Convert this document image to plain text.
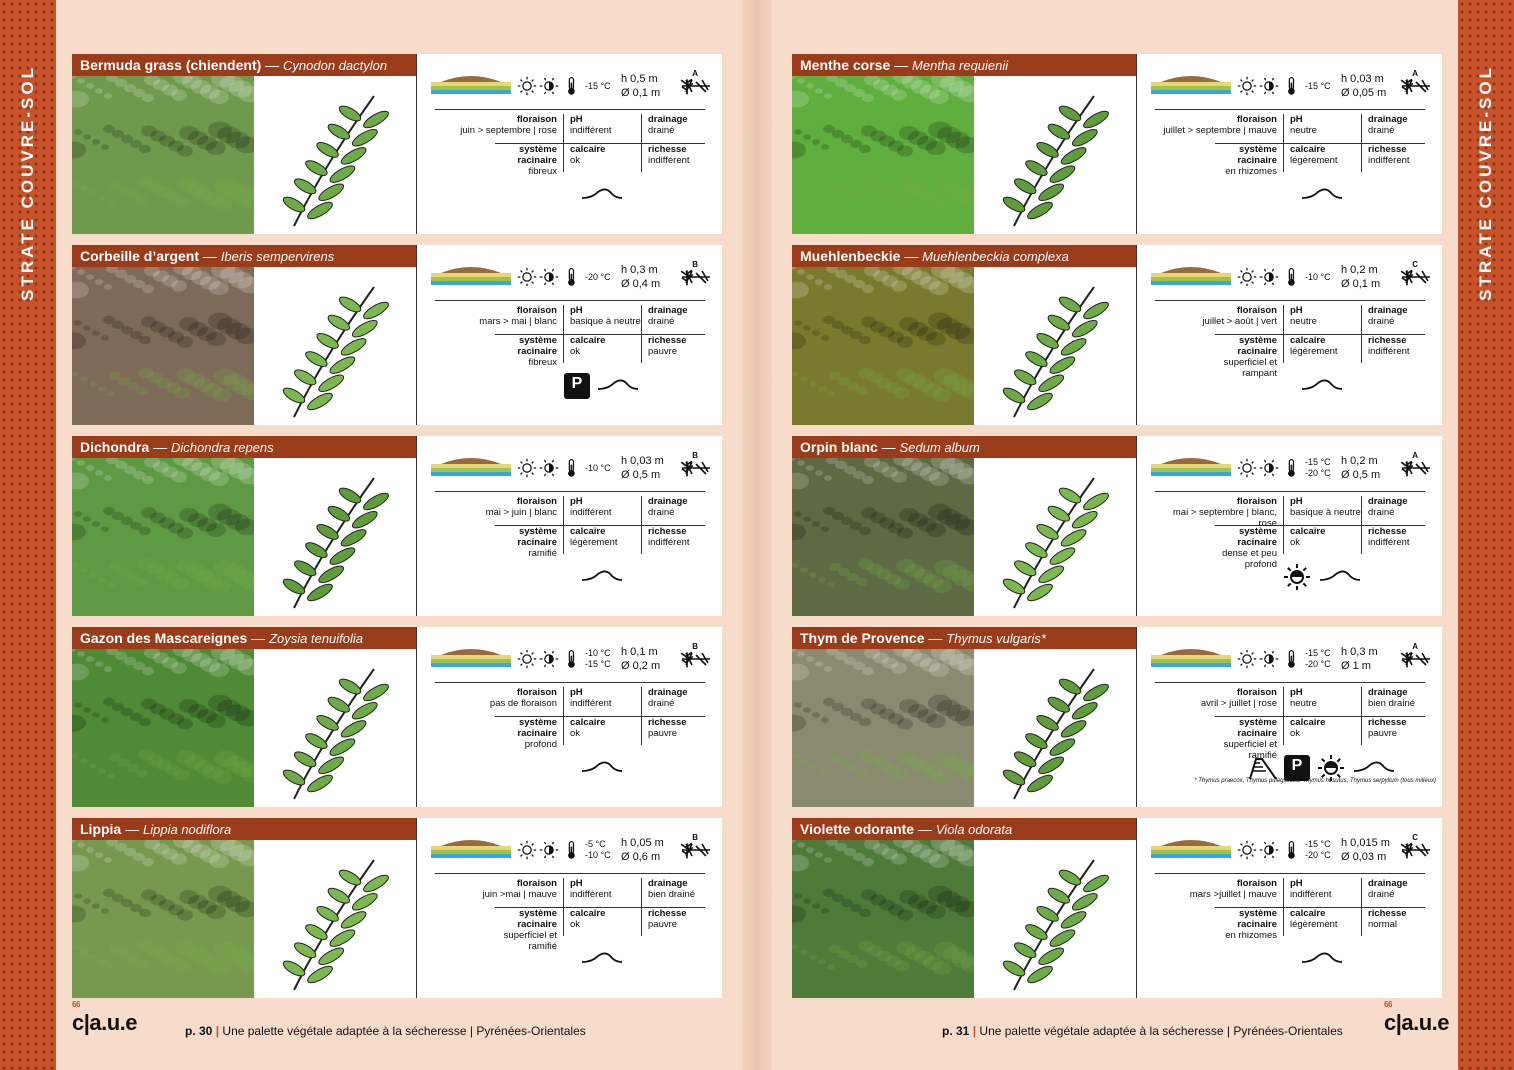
STRATE COUVRE-SOL	STRATE COUVRE-SOL
Bermuda grass (chiendent) — Cynodon dactylon
-15 °C
h 0,5 m
Ø 0,1 m
A
floraison
juin > septembre | rose
pH
indifférent
drainage
drainé
système racinaire
fibreux
calcaire
ok
richesse
indifférent
Corbeille d’argent — Iberis sempervirens
-20 °C
h 0,3 m
Ø 0,4 m
B
floraison
mars > mai | blanc
pH
basique à neutre
drainage
drainé
système racinaire
fibreux
calcaire
ok
richesse
pauvre
P
Dichondra — Dichondra repens
-10 °C
h 0,03 m
Ø 0,5 m
B
floraison
mai > juin | blanc
pH
indifférent
drainage
drainé
système racinaire
ramifié
calcaire
légèrement
richesse
indifférent
Gazon des Mascareignes — Zoysia tenuifolia
-10 °C
-15 °C
h 0,1 m
Ø 0,2 m
B
floraison
pas de floraison
pH
indifférent
drainage
drainé
système racinaire
profond
calcaire
ok
richesse
pauvre
Lippia — Lippia nodiflora
-5 °C
-10 °C
h 0,05 m
Ø 0,6 m
B
floraison
juin >mai | mauve
pH
indifférent
drainage
bien drainé
système racinaire
superficiel et ramifié
calcaire
ok
richesse
pauvre
Menthe corse — Mentha requienii
-15 °C
h 0,03 m
Ø 0,05 m
A
floraison
juillet > septembre | mauve
pH
neutre
drainage
drainé
système racinaire
en rhizomes
calcaire
légèrement
richesse
indifférent
Muehlenbeckie — Muehlenbeckia complexa
-10 °C
h 0,2 m
Ø 0,1 m
C
floraison
juillet > août | vert
pH
neutre
drainage
drainé
système racinaire
superficiel et rampant
calcaire
légèrement
richesse
indifférent
Orpin blanc — Sedum album
-15 °C
-20 °C
h 0,2 m
Ø 0,5 m
A
floraison
mai > septembre | blanc, rose
pH
basique à neutre
drainage
drainé
système racinaire
dense et peu profond
calcaire
ok
richesse
indifférent
Thym de Provence — Thymus vulgaris*
-15 °C
-20 °C
h 0,3 m
Ø 1 m
A
floraison
avril > juillet | rose
pH
neutre
drainage
bien drainé
système racinaire
superficiel et ramifié
calcaire
ok
richesse
pauvre
P
* Thymus praecox, Thymus pulegioides, Thymus hirsutus, Thymus serpyllum (tous milieux)
Violette odorante — Viola odorata
-15 °C
-20 °C
h 0,015 m
Ø 0,03 m
C
floraison
mars >juillet | mauve
pH
indifférent
drainage
drainé
système racinaire
en rhizomes
calcaire
légèrement
richesse
normal
66
c|a.u.e	p. 30 | Une palette végétale adaptée à la sécheresse | Pyrénées-Orientales	p. 31 | Une palette végétale adaptée à la sécheresse | Pyrénées-Orientales
66
c|a.u.e
